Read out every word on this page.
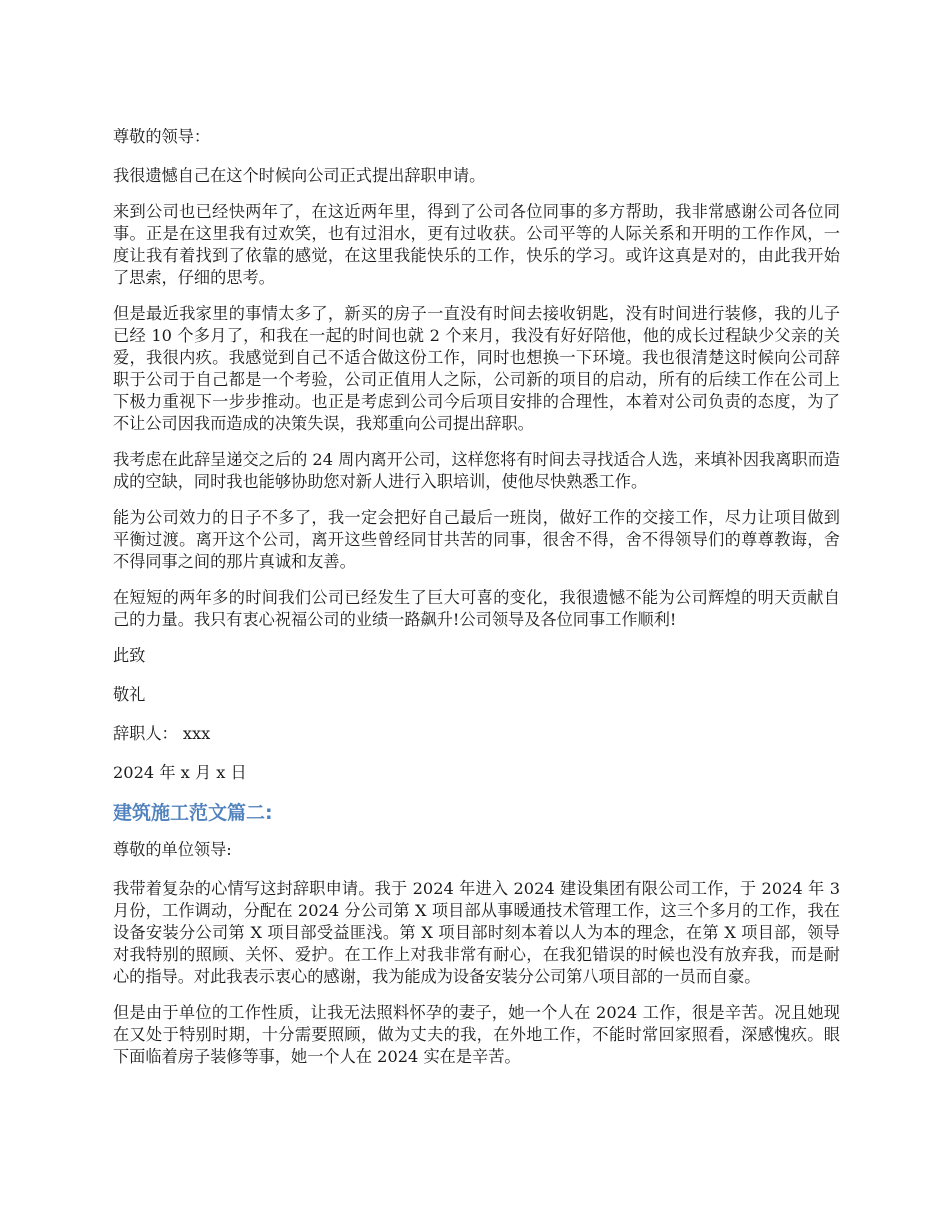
尊敬的领导：

我很遗憾自己在这个时候向公司正式提出辞职申请。

来到公司也已经快两年了，在这近两年里，得到了公司各位同事的多方帮助，我非常感谢公司各位同事。正是在这里我有过欢笑，也有过泪水，更有过收获。公司平等的人际关系和开明的工作作风，一度让我有着找到了依靠的感觉，在这里我能快乐的工作，快乐的学习。或许这真是对的，由此我开始了思索，仔细的思考。

但是最近我家里的事情太多了，新买的房子一直没有时间去接收钥匙，没有时间进行装修，我的儿子已经 10 个多月了，和我在一起的时间也就 2 个来月，我没有好好陪他，他的成长过程缺少父亲的关爱，我很内疚。我感觉到自己不适合做这份工作，同时也想换一下环境。我也很清楚这时候向公司辞职于公司于自己都是一个考验，公司正值用人之际，公司新的项目的启动，所有的后续工作在公司上下极力重视下一步步推动。也正是考虑到公司今后项目安排的合理性，本着对公司负责的态度，为了不让公司因我而造成的决策失误，我郑重向公司提出辞职。

我考虑在此辞呈递交之后的 24 周内离开公司，这样您将有时间去寻找适合人选，来填补因我离职而造成的空缺，同时我也能够协助您对新人进行入职培训，使他尽快熟悉工作。

能为公司效力的日子不多了，我一定会把好自己最后一班岗，做好工作的交接工作，尽力让项目做到平衡过渡。离开这个公司，离开这些曾经同甘共苦的同事，很舍不得，舍不得领导们的尊尊教诲，舍不得同事之间的那片真诚和友善。

在短短的两年多的时间我们公司已经发生了巨大可喜的变化，我很遗憾不能为公司辉煌的明天贡献自己的力量。我只有衷心祝福公司的业绩一路飙升!公司领导及各位同事工作顺利!

此致

敬礼

辞职人： xxx

2024 年 x 月 x 日

建筑施工范文篇二:

尊敬的单位领导:

我带着复杂的心情写这封辞职申请。我于 2024 年进入 2024 建设集团有限公司工作，于 2024 年 3 月份，工作调动，分配在 2024 分公司第 X 项目部从事暖通技术管理工作，这三个多月的工作，我在设备安装分公司第 X 项目部受益匪浅。第 X 项目部时刻本着以人为本的理念，在第 X 项目部，领导对我特别的照顾、关怀、爱护。在工作上对我非常有耐心，在我犯错误的时候也没有放弃我，而是耐心的指导。对此我表示衷心的感谢，我为能成为设备安装分公司第八项目部的一员而自豪。

但是由于单位的工作性质，让我无法照料怀孕的妻子，她一个人在 2024 工作，很是辛苦。况且她现在又处于特别时期，十分需要照顾，做为丈夫的我，在外地工作，不能时常回家照看，深感愧疚。眼下面临着房子装修等事，她一个人在 2024 实在是辛苦。
